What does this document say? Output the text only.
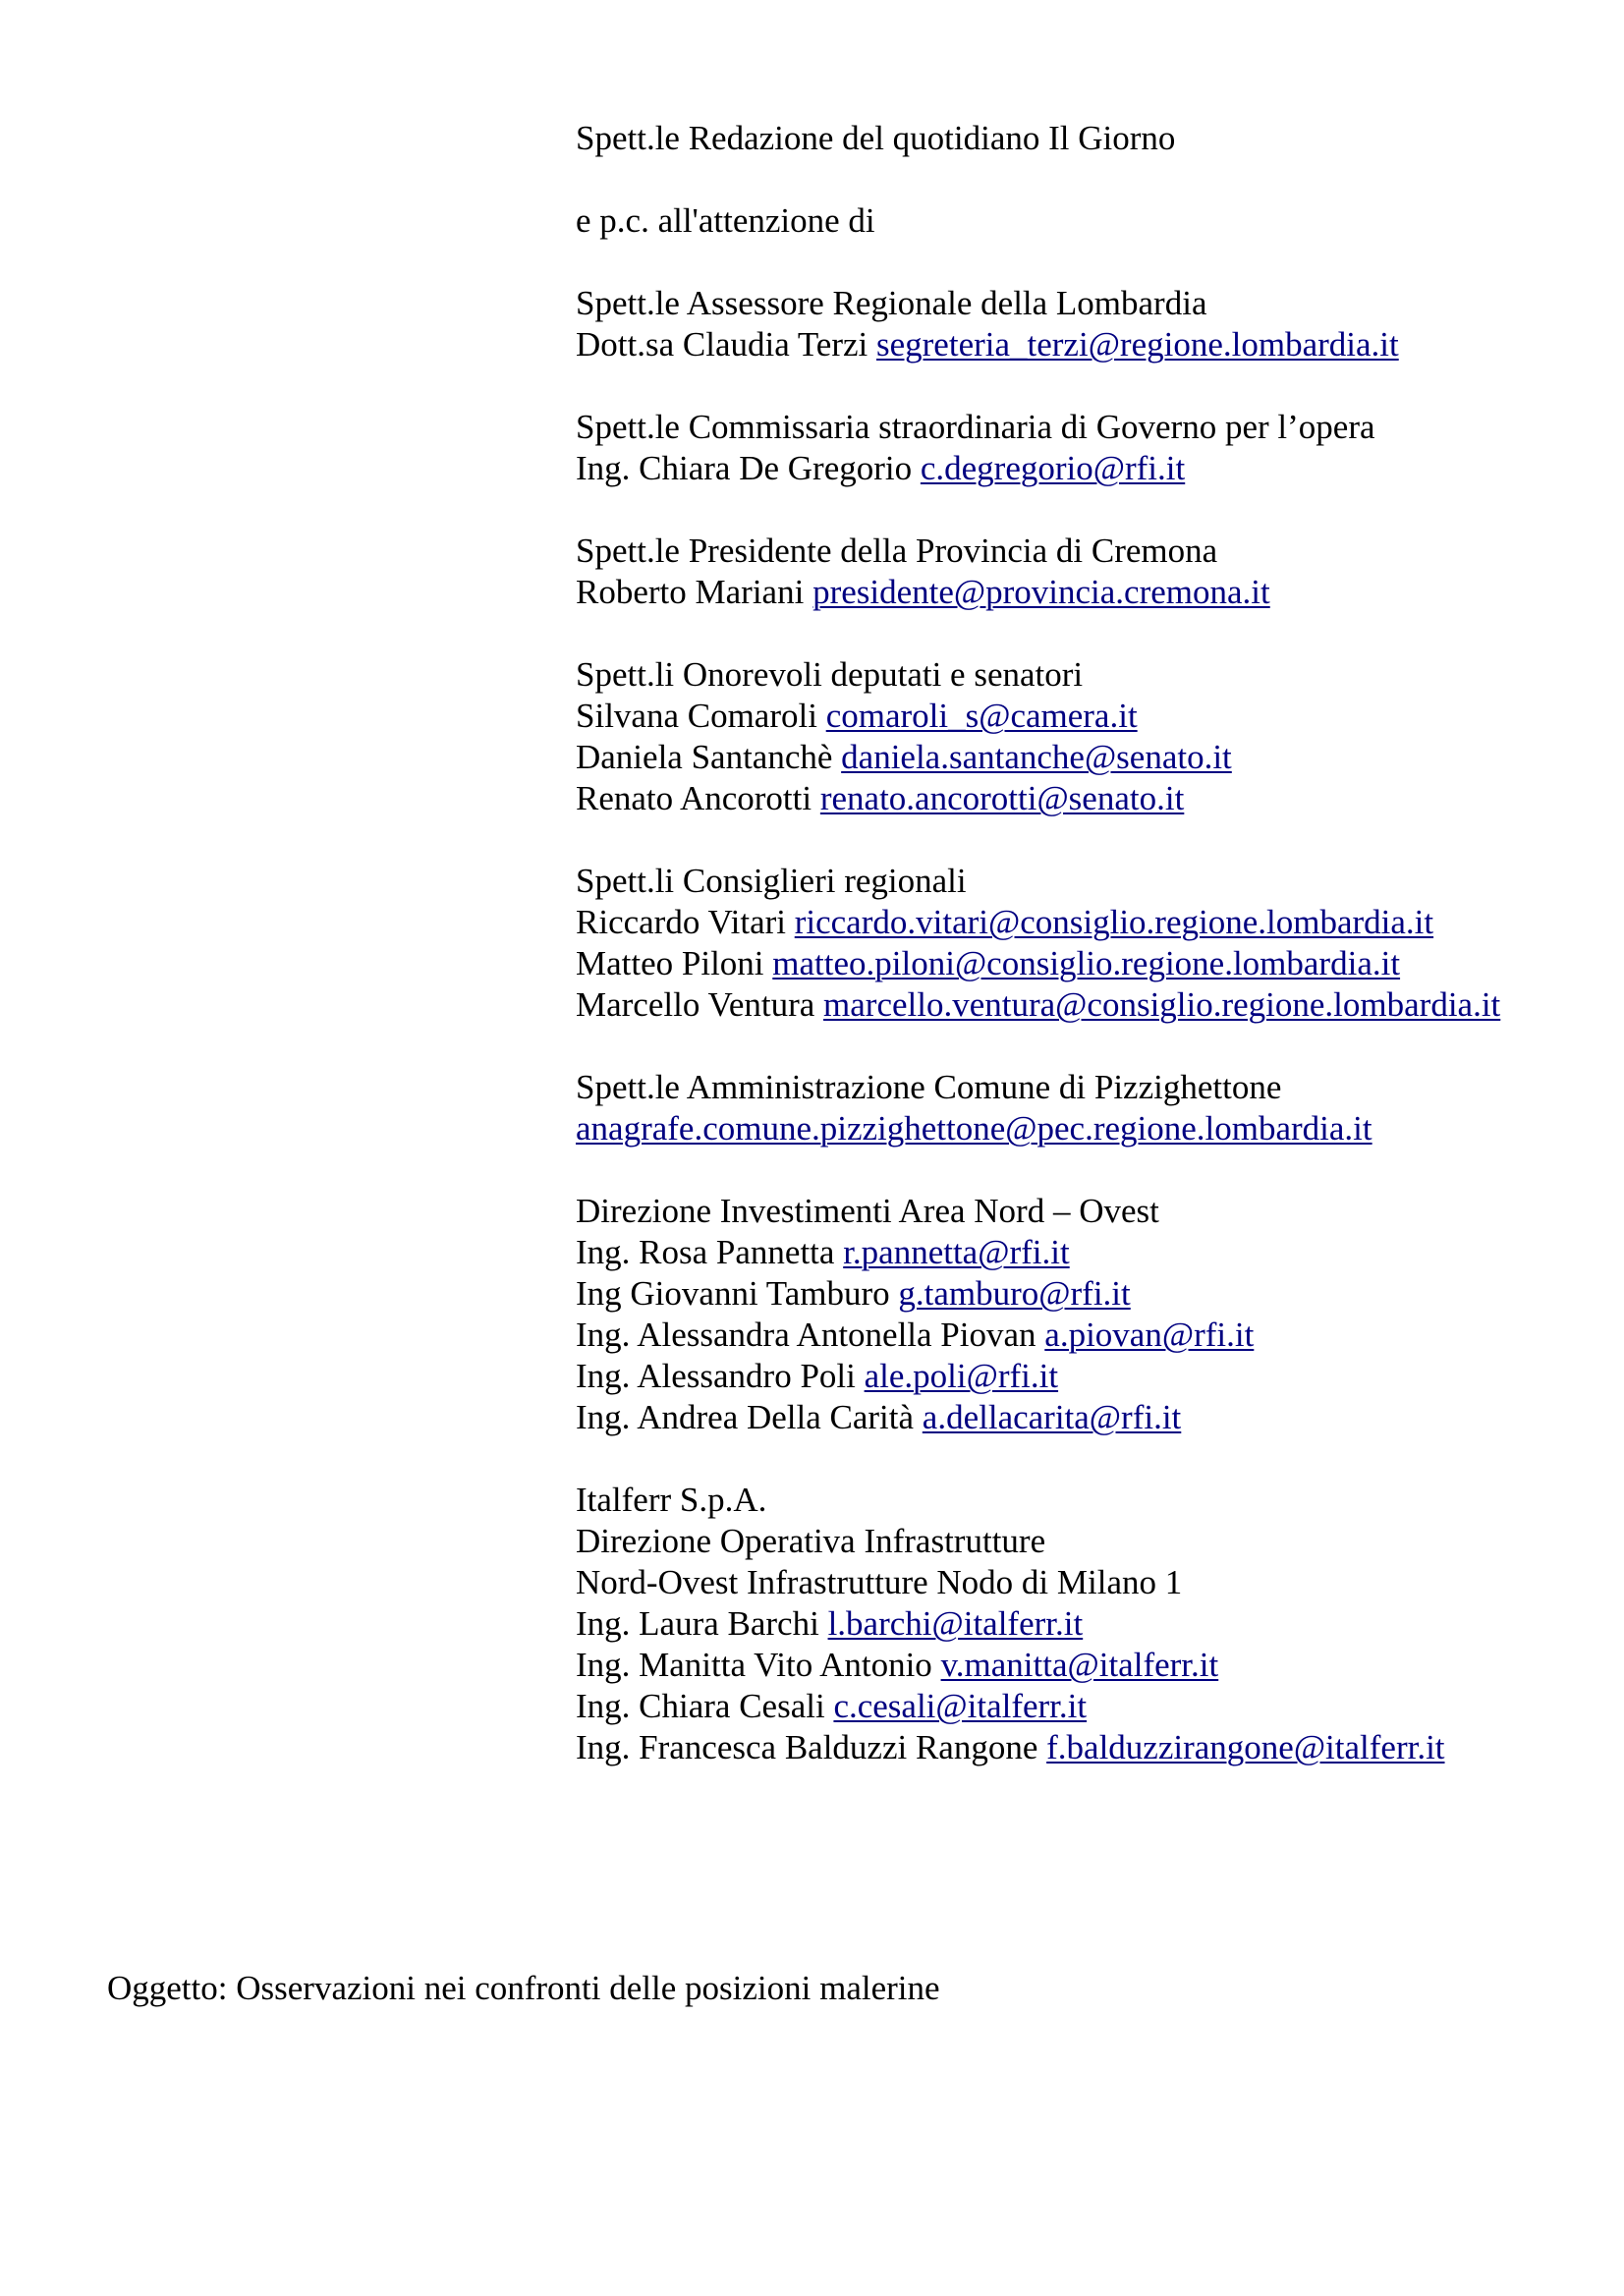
Spett.le Redazione del quotidiano Il Giorno
e p.c. all'attenzione di
Spett.le Assessore Regionale della Lombardia
Dott.sa Claudia Terzi segreteria_terzi@regione.lombardia.it
Spett.le Commissaria straordinaria di Governo per l’opera
Ing. Chiara De Gregorio c.degregorio@rfi.it
Spett.le Presidente della Provincia di Cremona
Roberto Mariani presidente@provincia.cremona.it
Spett.li Onorevoli deputati e senatori
Silvana Comaroli comaroli_s@camera.it
Daniela Santanchè daniela.santanche@senato.it
Renato Ancorotti renato.ancorotti@senato.it
Spett.li Consiglieri regionali
Riccardo Vitari riccardo.vitari@consiglio.regione.lombardia.it
Matteo Piloni matteo.piloni@consiglio.regione.lombardia.it
Marcello Ventura marcello.ventura@consiglio.regione.lombardia.it
Spett.le Amministrazione Comune di Pizzighettone
anagrafe.comune.pizzighettone@pec.regione.lombardia.it
Direzione Investimenti Area Nord – Ovest
Ing. Rosa Pannetta r.pannetta@rfi.it
Ing Giovanni Tamburo g.tamburo@rfi.it
Ing. Alessandra Antonella Piovan a.piovan@rfi.it
Ing. Alessandro Poli ale.poli@rfi.it
Ing. Andrea Della Carità a.dellacarita@rfi.it
Italferr S.p.A.
Direzione Operativa Infrastrutture
Nord-Ovest Infrastrutture Nodo di Milano 1
Ing. Laura Barchi l.barchi@italferr.it
Ing. Manitta Vito Antonio v.manitta@italferr.it
Ing. Chiara Cesali c.cesali@italferr.it
Ing. Francesca Balduzzi Rangone f.balduzzirangone@italferr.it
Oggetto: Osservazioni nei confronti delle posizioni malerine
